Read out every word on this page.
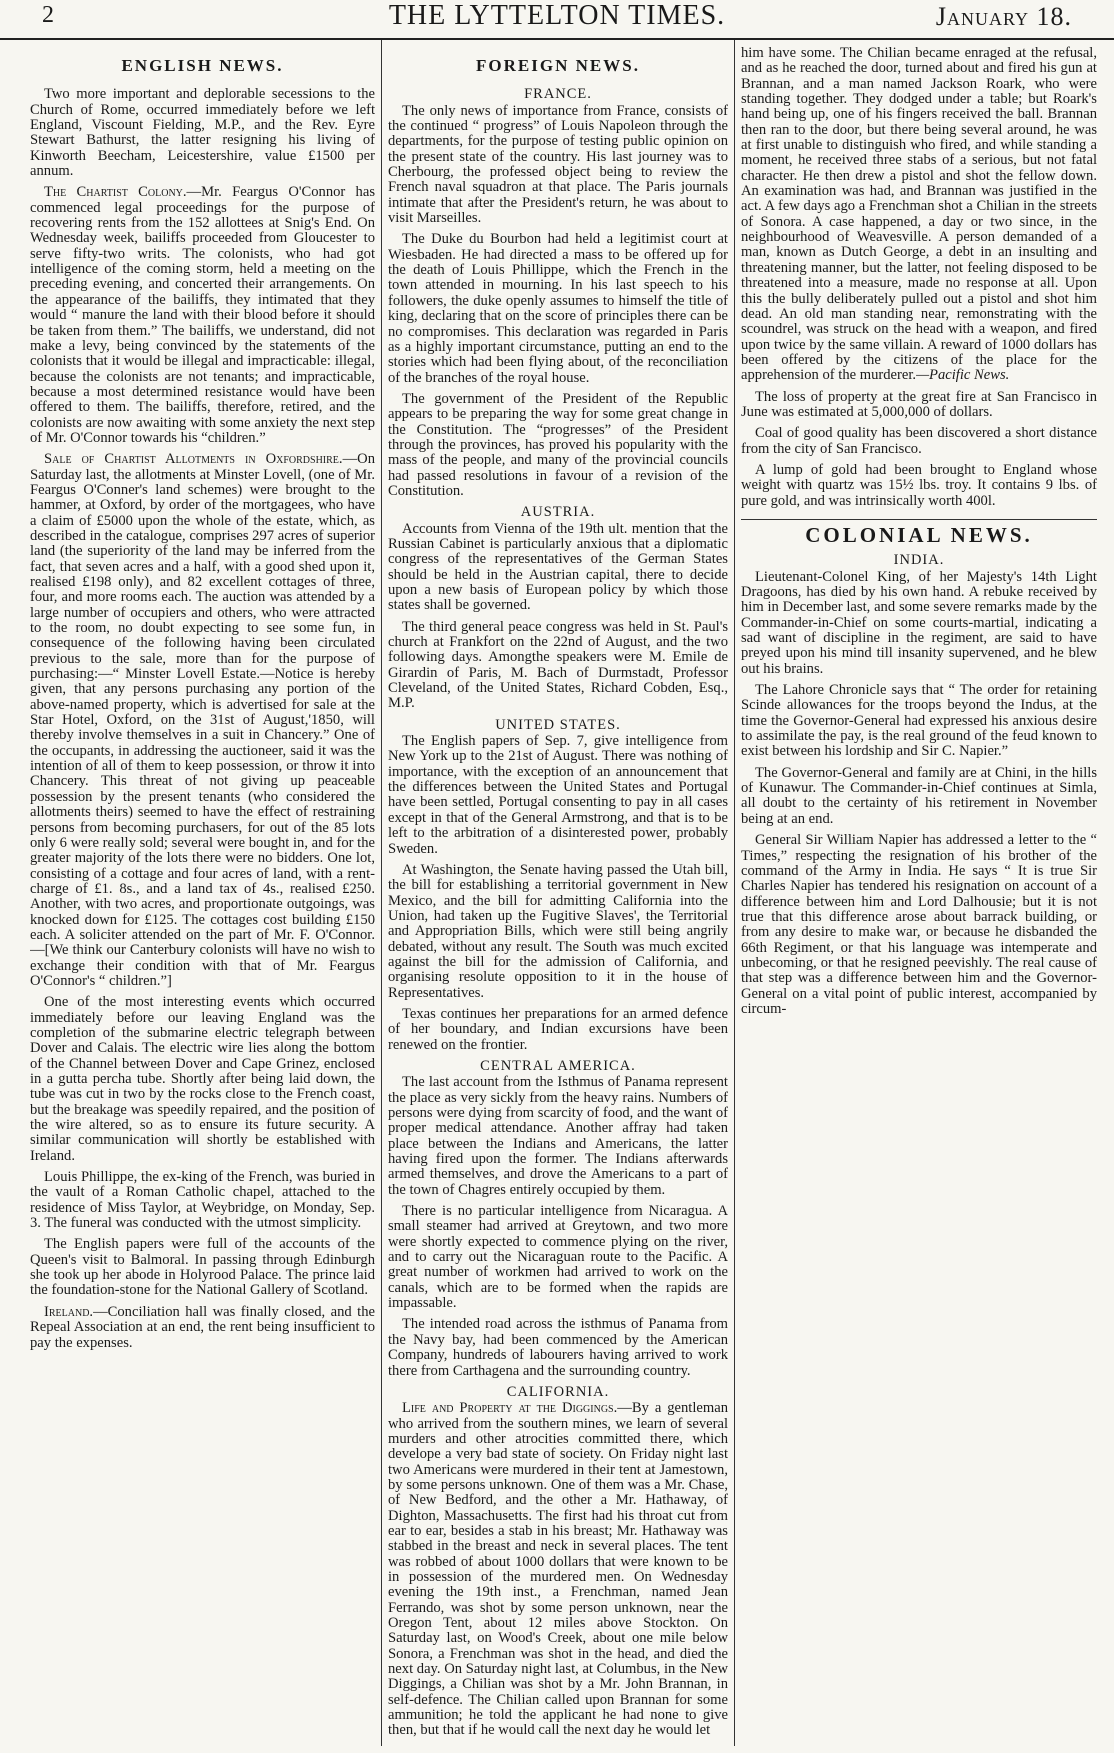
2	THE LYTTELTON TIMES.	January 18.
ENGLISH NEWS.

Two more important and deplorable secessions to the Church of Rome, occurred immediately before we left England, Viscount Fielding, M.P., and the Rev. Eyre Stewart Bathurst, the latter resigning his living of Kinworth Beecham, Leicestershire, value £1500 per annum.

The Chartist Colony.—Mr. Feargus O'Connor has commenced legal proceedings for the purpose of recovering rents from the 152 allottees at Snig's End. On Wednesday week, bailiffs proceeded from Gloucester to serve fifty-two writs. The colonists, who had got intelligence of the coming storm, held a meeting on the preceding evening, and concerted their arrangements. On the appearance of the bailiffs, they intimated that they would “ manure the land with their blood before it should be taken from them.” The bailiffs, we understand, did not make a levy, being convinced by the statements of the colonists that it would be illegal and impracticable: illegal, because the colonists are not tenants; and impracticable, because a most determined resistance would have been offered to them. The bailiffs, therefore, retired, and the colonists are now awaiting with some anxiety the next step of Mr. O'Connor towards his “children.”

Sale of Chartist Allotments in Oxfordshire.—On Saturday last, the allotments at Minster Lovell, (one of Mr. Feargus O'Conner's land schemes) were brought to the hammer, at Oxford, by order of the mortgagees, who have a claim of £5000 upon the whole of the estate, which, as described in the catalogue, comprises 297 acres of superior land (the superiority of the land may be inferred from the fact, that seven acres and a half, with a good shed upon it, realised £198 only), and 82 excellent cottages of three, four, and more rooms each. The auction was attended by a large number of occupiers and others, who were attracted to the room, no doubt expecting to see some fun, in consequence of the following having been circulated previous to the sale, more than for the purpose of purchasing:—“ Minster Lovell Estate.—Notice is hereby given, that any persons purchasing any portion of the above-named property, which is advertised for sale at the Star Hotel, Oxford, on the 31st of August,'1850, will thereby involve themselves in a suit in Chancery.” One of the occupants, in addressing the auctioneer, said it was the intention of all of them to keep possession, or throw it into Chancery. This threat of not giving up peaceable possession by the present tenants (who considered the allotments theirs) seemed to have the effect of restraining persons from becoming purchasers, for out of the 85 lots only 6 were really sold; several were bought in, and for the greater majority of the lots there were no bidders. One lot, consisting of a cottage and four acres of land, with a rent-charge of £1. 8s., and a land tax of 4s., realised £250. Another, with two acres, and proportionate outgoings, was knocked down for £125. The cottages cost building £150 each. A soliciter attended on the part of Mr. F. O'Connor.—[We think our Canterbury colonists will have no wish to exchange their condition with that of Mr. Feargus O'Connor's “ children.”]

One of the most interesting events which occurred immediately before our leaving England was the completion of the submarine electric telegraph between Dover and Calais. The electric wire lies along the bottom of the Channel between Dover and Cape Grinez, enclosed in a gutta percha tube. Shortly after being laid down, the tube was cut in two by the rocks close to the French coast, but the breakage was speedily repaired, and the position of the wire altered, so as to ensure its future security. A similar communication will shortly be established with Ireland.

Louis Phillippe, the ex-king of the French, was buried in the vault of a Roman Catholic chapel, attached to the residence of Miss Taylor, at Weybridge, on Monday, Sep. 3. The funeral was conducted with the utmost simplicity.

The English papers were full of the accounts of the Queen's visit to Balmoral. In passing through Edinburgh she took up her abode in Holyrood Palace. The prince laid the foundation-stone for the National Gallery of Scotland.

Ireland.—Conciliation hall was finally closed, and the Repeal Association at an end, the rent being insufficient to pay the expenses.

FOREIGN NEWS.
FRANCE.

The only news of importance from France, consists of the continued “ progress” of Louis Napoleon through the departments, for the purpose of testing public opinion on the present state of the country. His last journey was to Cherbourg, the professed object being to review the French naval squadron at that place. The Paris journals intimate that after the President's return, he was about to visit Marseilles.

The Duke du Bourbon had held a legitimist court at Wiesbaden. He had directed a mass to be offered up for the death of Louis Phillippe, which the French in the town attended in mourning. In his last speech to his followers, the duke openly assumes to himself the title of king, declaring that on the score of principles there can be no compromises. This declaration was regarded in Paris as a highly important circumstance, putting an end to the stories which had been flying about, of the reconciliation of the branches of the royal house.

The government of the President of the Republic appears to be preparing the way for some great change in the Constitution. The “progresses” of the President through the provinces, has proved his popularity with the mass of the people, and many of the provincial councils had passed resolutions in favour of a revision of the Constitution.

AUSTRIA.

Accounts from Vienna of the 19th ult. mention that the Russian Cabinet is particularly anxious that a diplomatic congress of the representatives of the German States should be held in the Austrian capital, there to decide upon a new basis of European policy by which those states shall be governed.

The third general peace congress was held in St. Paul's church at Frankfort on the 22nd of August, and the two following days. Amongthe speakers were M. Emile de Girardin of Paris, M. Bach of Durmstadt, Professor Cleveland, of the United States, Richard Cobden, Esq., M.P.

UNITED STATES.

The English papers of Sep. 7, give intelligence from New York up to the 21st of August. There was nothing of importance, with the exception of an announcement that the differences between the United States and Portugal have been settled, Portugal consenting to pay in all cases except in that of the General Armstrong, and that is to be left to the arbitration of a disinterested power, probably Sweden.

At Washington, the Senate having passed the Utah bill, the bill for establishing a territorial government in New Mexico, and the bill for admitting California into the Union, had taken up the Fugitive Slaves', the Territorial and Appropriation Bills, which were still being angrily debated, without any result. The South was much excited against the bill for the admission of California, and organising resolute opposition to it in the house of Representatives.

Texas continues her preparations for an armed defence of her boundary, and Indian excursions have been renewed on the frontier.

CENTRAL AMERICA.

The last account from the Isthmus of Panama represent the place as very sickly from the heavy rains. Numbers of persons were dying from scarcity of food, and the want of proper medical attendance. Another affray had taken place between the Indians and Americans, the latter having fired upon the former. The Indians afterwards armed themselves, and drove the Americans to a part of the town of Chagres entirely occupied by them.

There is no particular intelligence from Nicaragua. A small steamer had arrived at Greytown, and two more were shortly expected to commence plying on the river, and to carry out the Nicaraguan route to the Pacific. A great number of workmen had arrived to work on the canals, which are to be formed when the rapids are impassable.

The intended road across the isthmus of Panama from the Navy bay, had been commenced by the American Company, hundreds of labourers having arrived to work there from Carthagena and the surrounding country.

CALIFORNIA.

Life and Property at the Diggings.—By a gentleman who arrived from the southern mines, we learn of several murders and other atrocities committed there, which develope a very bad state of society. On Friday night last two Americans were murdered in their tent at Jamestown, by some persons unknown. One of them was a Mr. Chase, of New Bedford, and the other a Mr. Hathaway, of Dighton, Massachusetts. The first had his throat cut from ear to ear, besides a stab in his breast; Mr. Hathaway was stabbed in the breast and neck in several places. The tent was robbed of about 1000 dollars that were known to be in possession of the murdered men. On Wednesday evening the 19th inst., a Frenchman, named Jean Ferrando, was shot by some person unknown, near the Oregon Tent, about 12 miles above Stockton. On Saturday last, on Wood's Creek, about one mile below Sonora, a Frenchman was shot in the head, and died the next day. On Saturday night last, at Columbus, in the New Diggings, a Chilian was shot by a Mr. John Brannan, in self-defence. The Chilian called upon Brannan for some ammunition; he told the applicant he had none to give then, but that if he would call the next day he would let

him have some. The Chilian became enraged at the refusal, and as he reached the door, turned about and fired his gun at Brannan, and a man named Jackson Roark, who were standing together. They dodged under a table; but Roark's hand being up, one of his fingers received the ball. Brannan then ran to the door, but there being several around, he was at first unable to distinguish who fired, and while standing a moment, he received three stabs of a serious, but not fatal character. He then drew a pistol and shot the fellow down. An examination was had, and Brannan was justified in the act. A few days ago a Frenchman shot a Chilian in the streets of Sonora. A case happened, a day or two since, in the neighbourhood of Weavesville. A person demanded of a man, known as Dutch George, a debt in an insulting and threatening manner, but the latter, not feeling disposed to be threatened into a measure, made no response at all. Upon this the bully deliberately pulled out a pistol and shot him dead. An old man standing near, remonstrating with the scoundrel, was struck on the head with a weapon, and fired upon twice by the same villain. A reward of 1000 dollars has been offered by the citizens of the place for the apprehension of the murderer.—Pacific News.

The loss of property at the great fire at San Francisco in June was estimated at 5,000,000 of dollars.

Coal of good quality has been discovered a short distance from the city of San Francisco.

A lump of gold had been brought to England whose weight with quartz was 15½ lbs. troy. It contains 9 lbs. of pure gold, and was intrinsically worth 400l.

COLONIAL NEWS.
INDIA.

Lieutenant-Colonel King, of her Majesty's 14th Light Dragoons, has died by his own hand. A rebuke received by him in December last, and some severe remarks made by the Commander-in-Chief on some courts-martial, indicating a sad want of discipline in the regiment, are said to have preyed upon his mind till insanity supervened, and he blew out his brains.

The Lahore Chronicle says that “ The order for retaining Scinde allowances for the troops beyond the Indus, at the time the Governor-General had expressed his anxious desire to assimilate the pay, is the real ground of the feud known to exist between his lordship and Sir C. Napier.”

The Governor-General and family are at Chini, in the hills of Kunawur. The Commander-in-Chief continues at Simla, all doubt to the certainty of his retirement in November being at an end.

General Sir William Napier has addressed a letter to the “ Times,” respecting the resignation of his brother of the command of the Army in India. He says “ It is true Sir Charles Napier has tendered his resignation on account of a difference between him and Lord Dalhousie; but it is not true that this difference arose about barrack building, or from any desire to make war, or because he disbanded the 66th Regiment, or that his language was intemperate and unbecoming, or that he resigned peevishly. The real cause of that step was a difference between him and the Governor-General on a vital point of public interest, accompanied by circum-
